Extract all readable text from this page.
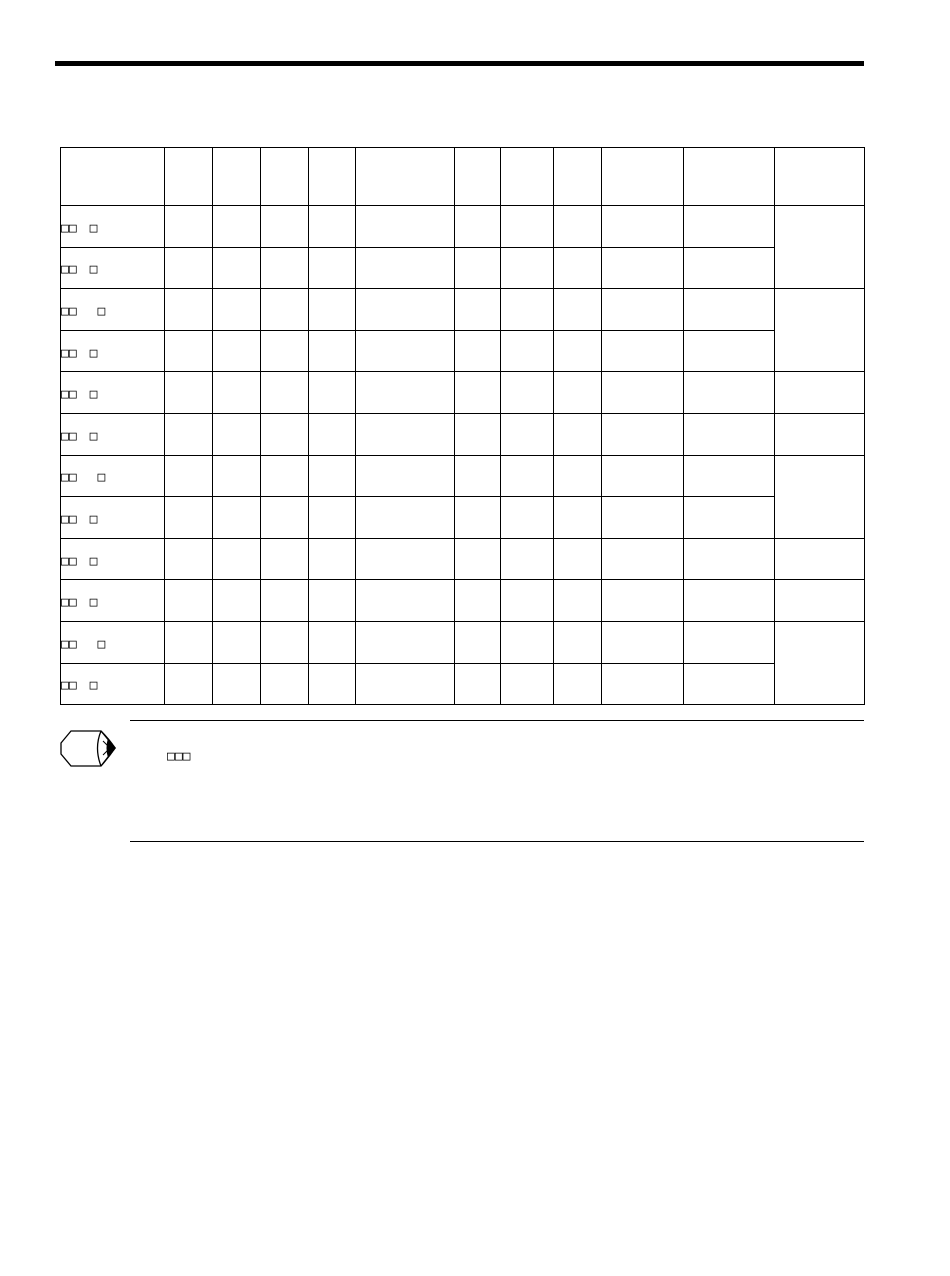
□□　□											
□□　□											
□□　 □											
□□　□											
□□　□											
□□　□											
□□　 □											
□□　□											
□□　□											
□□　□											
□□　 □											
□□　□											
□□□
